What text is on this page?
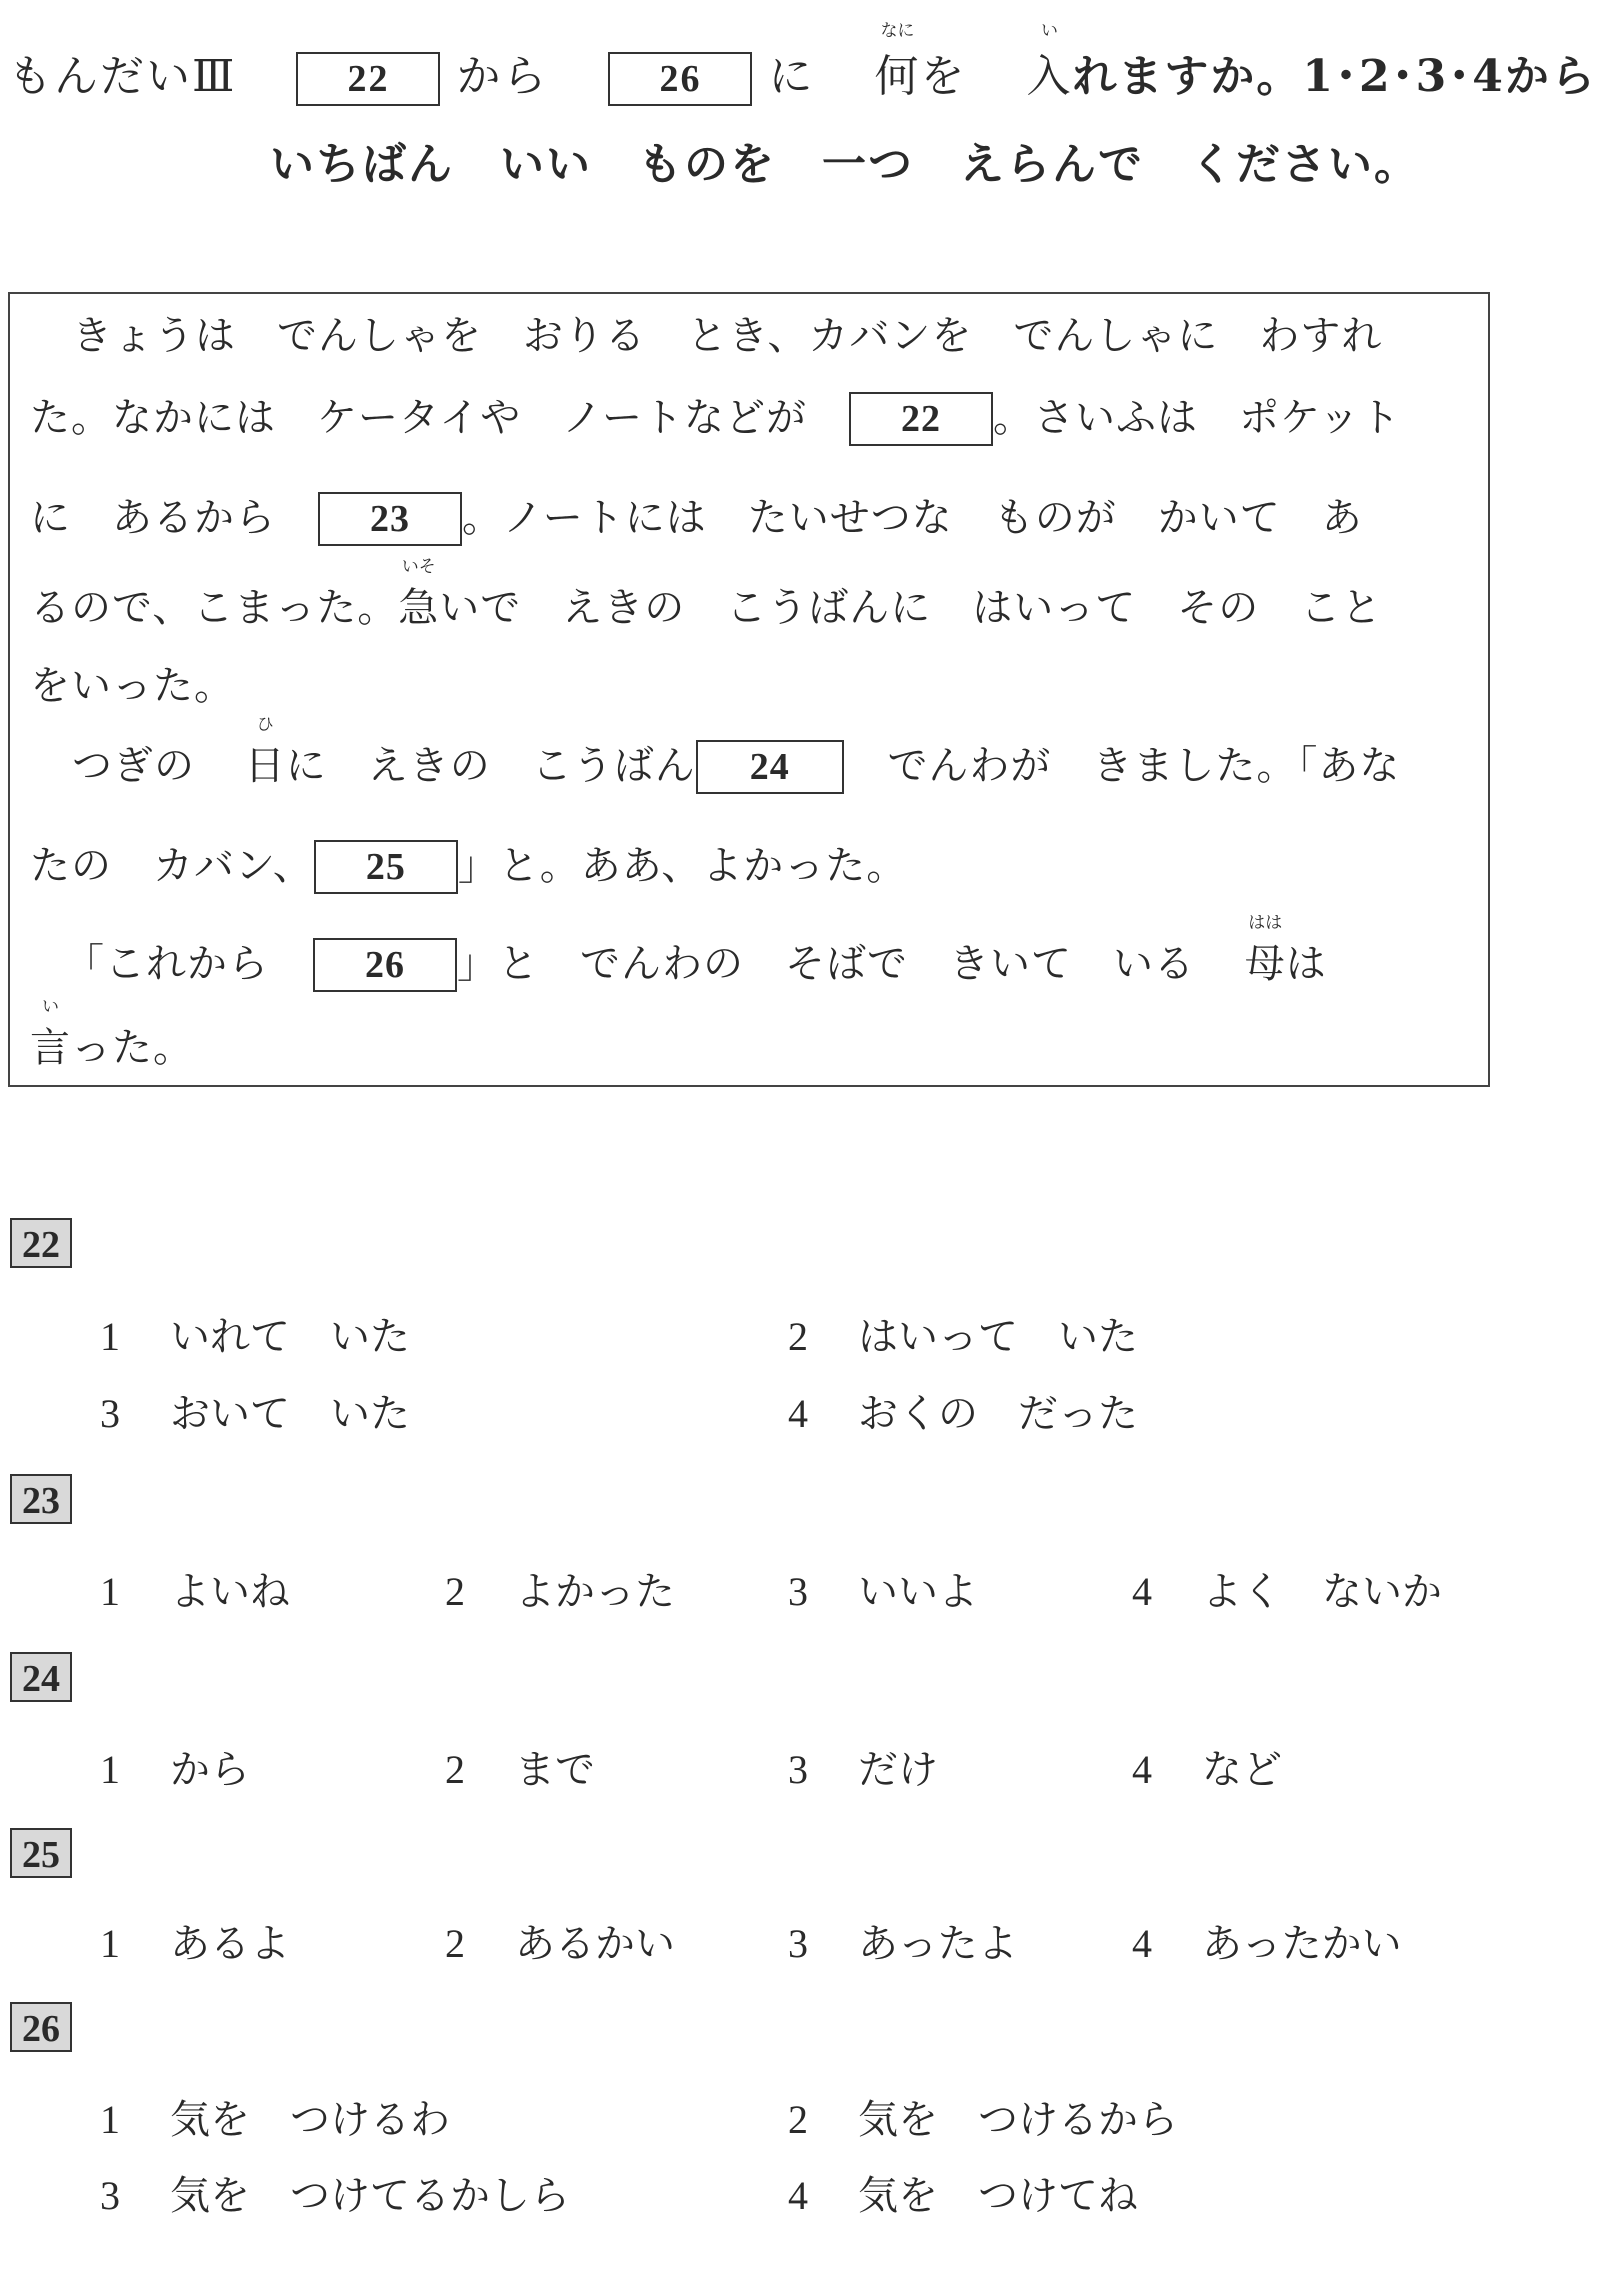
もんだいⅢ	22 から	26 に
なに
何を
い
入れますか。1･2･3･4から
いちばん　いい　ものを　一つ　えらんで　ください。
きょうは　でんしゃを　おりる　とき、カバンを　でんしゃに　わすれ
た。なかには　ケータイや　ノートなどが 22 。さいふは　ポケット
に　あるから 23 。ノートには　たいせつな　ものが　かいて　あ
るので、こまった。
いそ
急いで　えきの　こうばんに　はいって　その　こと
をいった。
つぎの
ひ
日に　えきの　こうばん 24 でんわが　きました。「あな
たの　カバン、 25 」と。ああ、よかった。
「これから	26 」と　でんわの　そばで　きいて　いる
はは
母は
い
言った。
22
1 いれて　いた	2 はいって　いた
3 おいて　いた	4 おくの　だった
23
1 よいね	2 よかった	3 いいよ	4 よく　ないか
24
1 から	2 まで	3 だけ	4 など
25
1 あるよ	2 あるかい	3 あったよ	4 あったかい
26
1 気を　つけるわ	2 気を　つけるから
3 気を　つけてるかしら	4 気を　つけてね
